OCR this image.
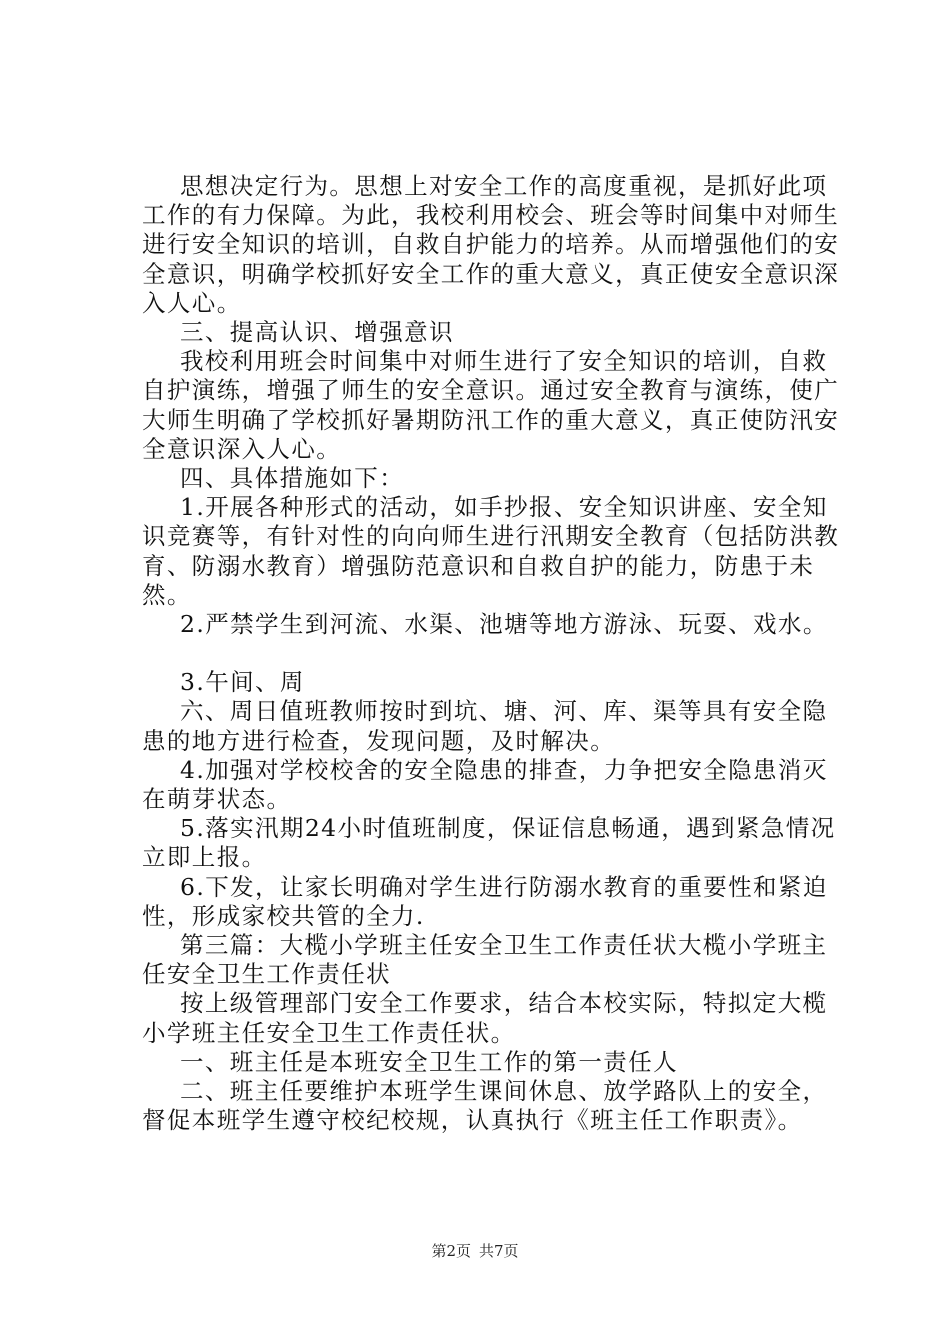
思想决定行为。思想上对安全工作的高度重视，是抓好此项工作的有力保障。为此，我校利用校会、班会等时间集中对师生进行安全知识的培训，自救自护能力的培养。从而增强他们的安全意识，明确学校抓好安全工作的重大意义，真正使安全意识深入人心。

三、提高认识、增强意识

我校利用班会时间集中对师生进行了安全知识的培训，自救自护演练，增强了师生的安全意识。通过安全教育与演练，使广大师生明确了学校抓好暑期防汛工作的重大意义，真正使防汛安全意识深入人心。

四、具体措施如下：

1.开展各种形式的活动，如手抄报、安全知识讲座、安全知识竞赛等，有针对性的向向师生进行汛期安全教育（包括防洪教育、防溺水教育）增强防范意识和自救自护的能力，防患于未然。

2.严禁学生到河流、水渠、池塘等地方游泳、玩耍、戏水。

3.午间、周

六、周日值班教师按时到坑、塘、河、库、渠等具有安全隐患的地方进行检查，发现问题，及时解决。

4.加强对学校校舍的安全隐患的排查，力争把安全隐患消灭在萌芽状态。

5.落实汛期24小时值班制度，保证信息畅通，遇到紧急情况立即上报。

6.下发，让家长明确对学生进行防溺水教育的重要性和紧迫性，形成家校共管的全力.

第三篇：大榄小学班主任安全卫生工作责任状大榄小学班主任安全卫生工作责任状

按上级管理部门安全工作要求，结合本校实际，特拟定大榄小学班主任安全卫生工作责任状。

一、班主任是本班安全卫生工作的第一责任人

二、班主任要维护本班学生课间休息、放学路队上的安全，督促本班学生遵守校纪校规，认真执行《班主任工作职责》。

第2页 共7页
